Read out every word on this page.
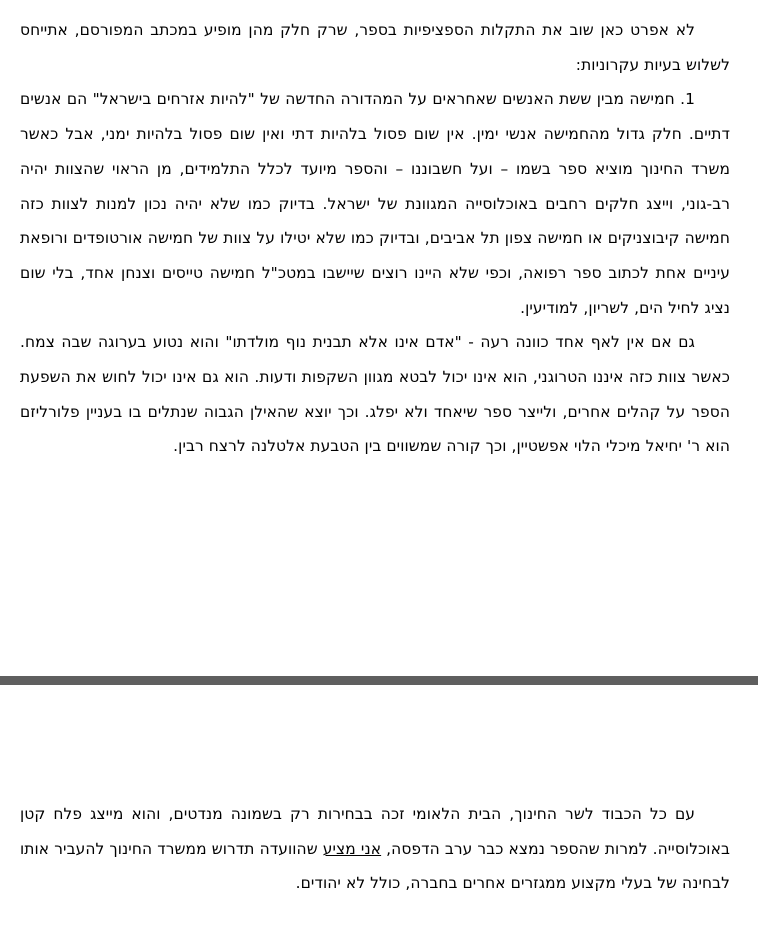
לא אפרט כאן שוב את התקלות הספציפיות בספר, שרק חלק מהן מופיע במכתב המפורסם, אתייחס לשלוש בעיות עקרוניות:

1. חמישה מבין ששת האנשים שאחראים על המהדורה החדשה של "להיות אזרחים בישראל" הם אנשים דתיים. חלק גדול מהחמישה אנשי ימין. אין שום פסול בלהיות דתי ואין שום פסול בלהיות ימני, אבל כאשר משרד החינוך מוציא ספר בשמו – ועל חשבוננו – והספר מיועד לכלל התלמידים, מן הראוי שהצוות יהיה רב-גוני, וייצג חלקים רחבים באוכלוסייה המגוונת של ישראל. בדיוק כמו שלא יהיה נכון למנות לצוות כזה חמישה קיבוצניקים או חמישה צפון תל אביבים, ובדיוק כמו שלא יטילו על צוות של חמישה אורטופדים ורופאת עיניים אחת לכתוב ספר רפואה, וכפי שלא היינו רוצים שיישבו במטכ"ל חמישה טייסים וצנחן אחד, בלי שום נציג לחיל הים, לשריון, למודיעין.

גם אם אין לאף אחד כוונה רעה - "אדם אינו אלא תבנית נוף מולדתו" והוא נטוע בערוגה שבה צמח. כאשר צוות כזה איננו הטרוגני, הוא אינו יכול לבטא מגוון השקפות ודעות. הוא גם אינו יכול לחוש את השפעת הספר על קהלים אחרים, ולייצר ספר שיאחד ולא יפלג. וכך יוצא שהאילן הגבוה שנתלים בו בעניין פלורליזם הוא ר' יחיאל מיכלי הלוי אפשטיין, וכך קורה שמשווים בין הטבעת אלטלנה לרצח רבין.

עם כל הכבוד לשר החינוך, הבית הלאומי זכה בבחירות רק בשמונה מנדטים, והוא מייצג פלח קטן באוכלוסייה. למרות שהספר נמצא כבר ערב הדפסה, אני מציע שהוועדה תדרוש ממשרד החינוך להעביר אותו לבחינה של בעלי מקצוע ממגזרים אחרים בחברה, כולל לא יהודים.
